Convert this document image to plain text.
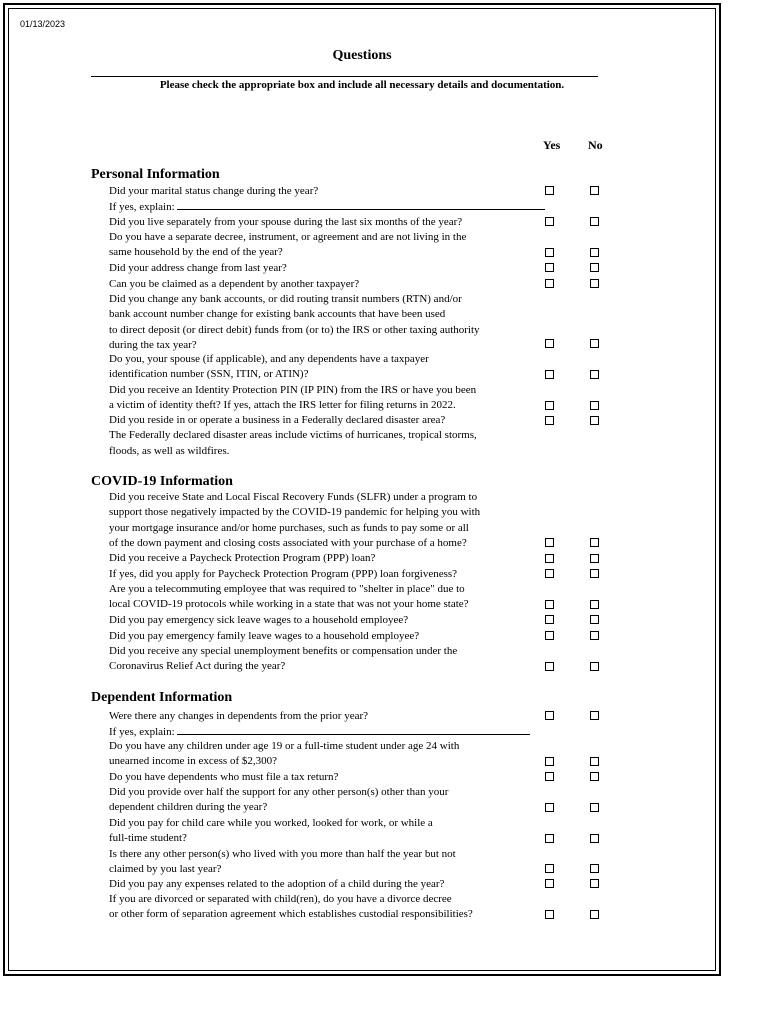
01/13/2023
Questions
Please check the appropriate box and include all necessary details and documentation.
Yes No
Personal Information
Did your marital status change during the year?
If yes, explain:
Did you live separately from your spouse during the last six months of the year?
Do you have a separate decree, instrument, or agreement and are not living in the
same household by the end of the year?
Did your address change from last year?
Can you be claimed as a dependent by another taxpayer?
Did you change any bank accounts, or did routing transit numbers (RTN) and/or
bank account number change for existing bank accounts that have been used
to direct deposit (or direct debit) funds from (or to) the IRS or other taxing authority
during the tax year?
Do you, your spouse (if applicable), and any dependents have a taxpayer
identification number (SSN, ITIN, or ATIN)?
Did you receive an Identity Protection PIN (IP PIN) from the IRS or have you been
a victim of identity theft? If yes, attach the IRS letter for filing returns in 2022.
Did you reside in or operate a business in a Federally declared disaster area?
The Federally declared disaster areas include victims of hurricanes, tropical storms,
floods, as well as wildfires.
COVID-19 Information
Did you receive State and Local Fiscal Recovery Funds (SLFR) under a program to
support those negatively impacted by the COVID-19 pandemic for helping you with
your mortgage insurance and/or home purchases, such as funds to pay some or all
of the down payment and closing costs associated with your purchase of a home?
Did you receive a Paycheck Protection Program (PPP) loan?
If yes, did you apply for Paycheck Protection Program (PPP) loan forgiveness?
Are you a telecommuting employee that was required to "shelter in place" due to
local COVID-19 protocols while working in a state that was not your home state?
Did you pay emergency sick leave wages to a household employee?
Did you pay emergency family leave wages to a household employee?
Did you receive any special unemployment benefits or compensation under the
Coronavirus Relief Act during the year?
Dependent Information
Were there any changes in dependents from the prior year?
If yes, explain:
Do you have any children under age 19 or a full-time student under age 24 with
unearned income in excess of $2,300?
Do you have dependents who must file a tax return?
Did you provide over half the support for any other person(s) other than your
dependent children during the year?
Did you pay for child care while you worked, looked for work, or while a
full-time student?
Is there any other person(s) who lived with you more than half the year but not
claimed by you last year?
Did you pay any expenses related to the adoption of a child during the year?
If you are divorced or separated with child(ren), do you have a divorce decree
or other form of separation agreement which establishes custodial responsibilities?
